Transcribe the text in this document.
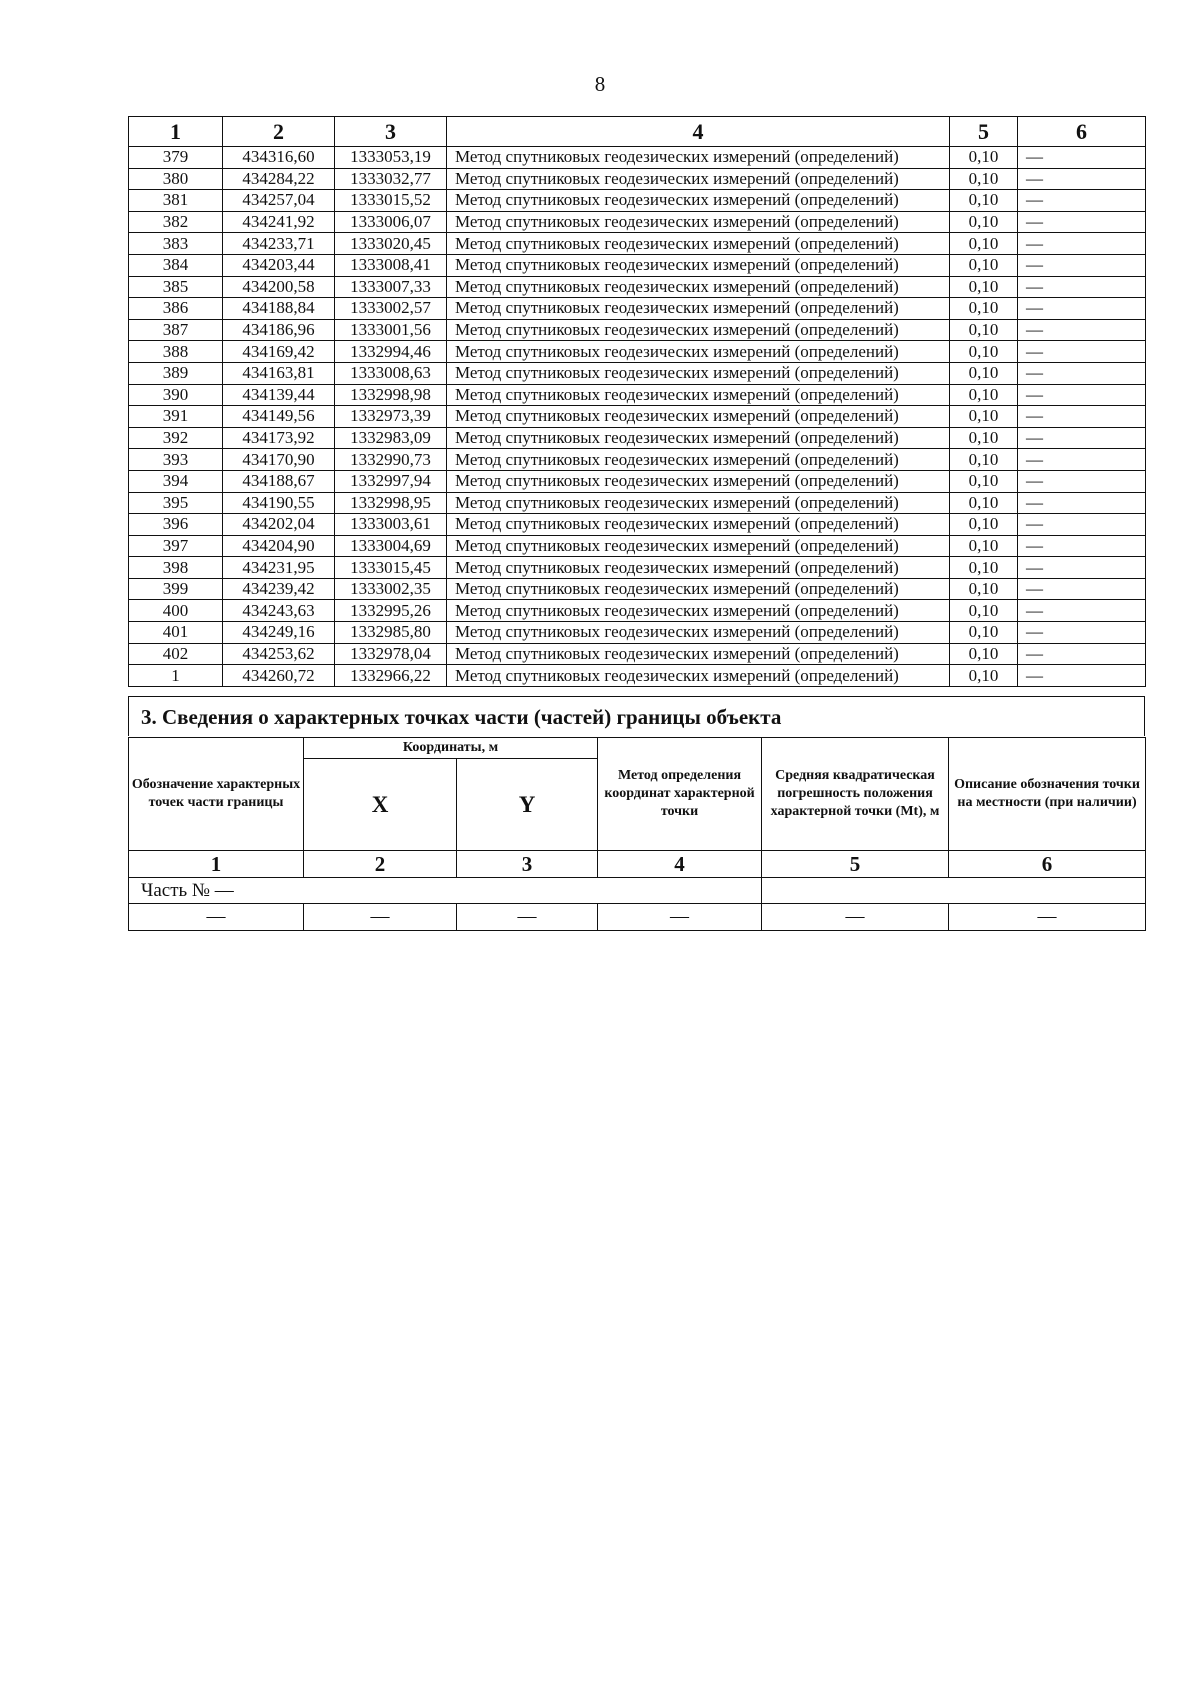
8
1	2	3	4	5	6
379	434316,60	1333053,19	Метод спутниковых геодезических измерений (определений)	0,10	—
380	434284,22	1333032,77	Метод спутниковых геодезических измерений (определений)	0,10	—
381	434257,04	1333015,52	Метод спутниковых геодезических измерений (определений)	0,10	—
382	434241,92	1333006,07	Метод спутниковых геодезических измерений (определений)	0,10	—
383	434233,71	1333020,45	Метод спутниковых геодезических измерений (определений)	0,10	—
384	434203,44	1333008,41	Метод спутниковых геодезических измерений (определений)	0,10	—
385	434200,58	1333007,33	Метод спутниковых геодезических измерений (определений)	0,10	—
386	434188,84	1333002,57	Метод спутниковых геодезических измерений (определений)	0,10	—
387	434186,96	1333001,56	Метод спутниковых геодезических измерений (определений)	0,10	—
388	434169,42	1332994,46	Метод спутниковых геодезических измерений (определений)	0,10	—
389	434163,81	1333008,63	Метод спутниковых геодезических измерений (определений)	0,10	—
390	434139,44	1332998,98	Метод спутниковых геодезических измерений (определений)	0,10	—
391	434149,56	1332973,39	Метод спутниковых геодезических измерений (определений)	0,10	—
392	434173,92	1332983,09	Метод спутниковых геодезических измерений (определений)	0,10	—
393	434170,90	1332990,73	Метод спутниковых геодезических измерений (определений)	0,10	—
394	434188,67	1332997,94	Метод спутниковых геодезических измерений (определений)	0,10	—
395	434190,55	1332998,95	Метод спутниковых геодезических измерений (определений)	0,10	—
396	434202,04	1333003,61	Метод спутниковых геодезических измерений (определений)	0,10	—
397	434204,90	1333004,69	Метод спутниковых геодезических измерений (определений)	0,10	—
398	434231,95	1333015,45	Метод спутниковых геодезических измерений (определений)	0,10	—
399	434239,42	1333002,35	Метод спутниковых геодезических измерений (определений)	0,10	—
400	434243,63	1332995,26	Метод спутниковых геодезических измерений (определений)	0,10	—
401	434249,16	1332985,80	Метод спутниковых геодезических измерений (определений)	0,10	—
402	434253,62	1332978,04	Метод спутниковых геодезических измерений (определений)	0,10	—
1	434260,72	1332966,22	Метод спутниковых геодезических измерений (определений)	0,10	—
3. Сведения о характерных точках части (частей) границы объекта
Обозначение характерных точек части границы	Координаты, м		Метод определения координат характерной точки	Средняя квадратическая погрешность положения характерной точки (Mt), м	Описание обозначения точки на местности (при наличии)
	X	Y			
1	2	3	4	5	6
Часть № —					
—	—	—	—	—	—
